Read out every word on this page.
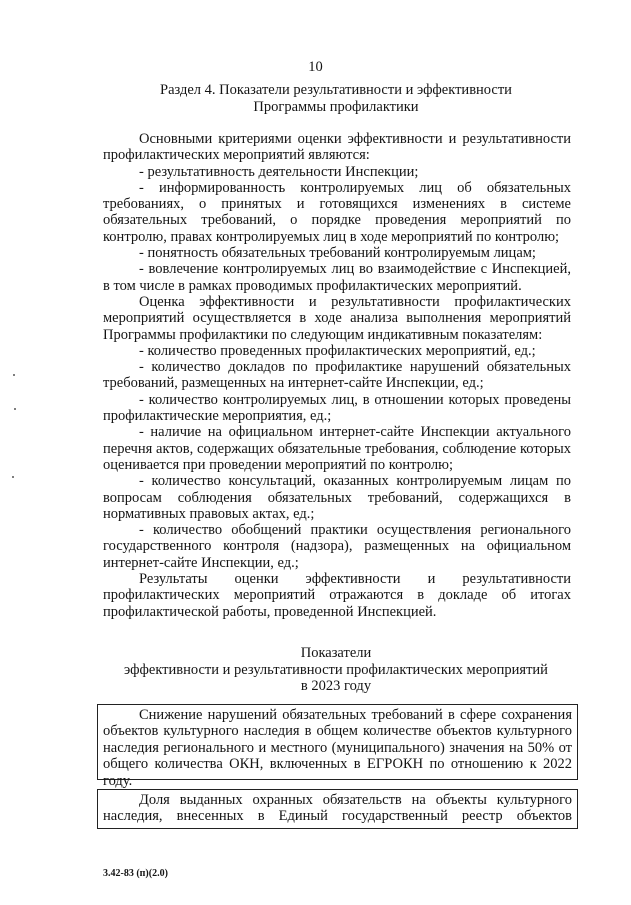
10
Раздел 4. Показатели результативности и эффективности
Программы профилактики

Основными критериями оценки эффективности и результативности профилактических мероприятий являются:

- результативность деятельности Инспекции;

- информированность контролируемых лиц об обязательных требованиях, о принятых и готовящихся изменениях в системе обязательных требований, о порядке проведения мероприятий по контролю, правах контролируемых лиц в ходе мероприятий по контролю;

- понятность обязательных требований контролируемым лицам;

- вовлечение контролируемых лиц во взаимодействие с Инспекцией, в том числе в рамках проводимых профилактических мероприятий.

Оценка эффективности и результативности профилактических мероприятий осуществляется в ходе анализа выполнения мероприятий Программы профилактики по следующим индикативным показателям:

- количество проведенных профилактических мероприятий, ед.;

- количество докладов по профилактике нарушений обязательных требований, размещенных на интернет-сайте Инспекции, ед.;

- количество контролируемых лиц, в отношении которых проведены профилактические мероприятия, ед.;

- наличие на официальном интернет-сайте Инспекции актуального перечня актов, содержащих обязательные требования, соблюдение которых оценивается при проведении мероприятий по контролю;

- количество консультаций, оказанных контролируемым лицам по вопросам соблюдения обязательных требований, содержащихся в нормативных правовых актах, ед.;

- количество обобщений практики осуществления регионального государственного контроля (надзора), размещенных на официальном интернет-сайте Инспекции, ед.;

Результаты оценки эффективности и результативности профилактических мероприятий отражаются в докладе об итогах профилактической работы, проведенной Инспекцией.

Показатели
эффективности и результативности профилактических мероприятий
в 2023 году

Снижение нарушений обязательных требований в сфере сохранения объектов культурного наследия в общем количестве объектов культурного наследия регионального и местного (муниципального) значения на 50% от общего количества ОКН, включенных в ЕГРОКН по отношению к 2022 году.

Доля выданных охранных обязательств на объекты культурного наследия, внесенных в Единый государственный реестр объектов

3.42-83 (п)(2.0)
